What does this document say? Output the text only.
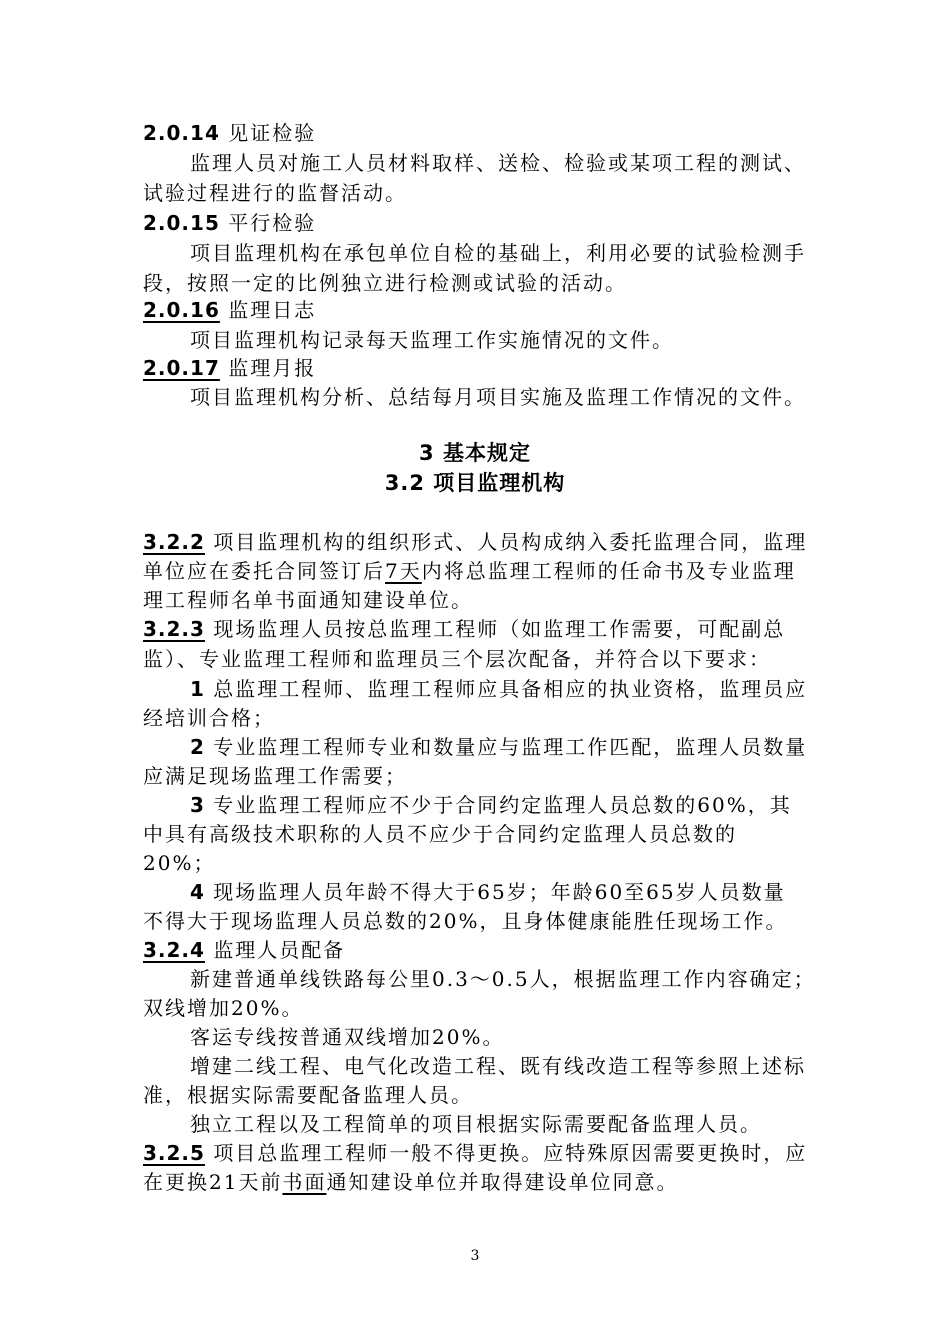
2.0.14 见证检验
监理人员对施工人员材料取样、送检、检验或某项工程的测试、
试验过程进行的监督活动。
2.0.15 平行检验
项目监理机构在承包单位自检的基础上，利用必要的试验检测手
段，按照一定的比例独立进行检测或试验的活动。
2.0.16 监理日志
项目监理机构记录每天监理工作实施情况的文件。
2.0.17 监理月报
项目监理机构分析、总结每月项目实施及监理工作情况的文件。
3 基本规定
3.2 项目监理机构
3.2.2 项目监理机构的组织形式、人员构成纳入委托监理合同，监理
单位应在委托合同签订后7天内将总监理工程师的任命书及专业监理
理工程师名单书面通知建设单位。
3.2.3 现场监理人员按总监理工程师（如监理工作需要，可配副总
监）、专业监理工程师和监理员三个层次配备，并符合以下要求：
1 总监理工程师、监理工程师应具备相应的执业资格，监理员应
经培训合格；
2 专业监理工程师专业和数量应与监理工作匹配，监理人员数量
应满足现场监理工作需要；
3 专业监理工程师应不少于合同约定监理人员总数的60%，其
中具有高级技术职称的人员不应少于合同约定监理人员总数的
20%；
4 现场监理人员年龄不得大于65岁；年龄60至65岁人员数量
不得大于现场监理人员总数的20%，且身体健康能胜任现场工作。
3.2.4 监理人员配备
新建普通单线铁路每公里0.3～0.5人，根据监理工作内容确定；
双线增加20%。
客运专线按普通双线增加20%。
增建二线工程、电气化改造工程、既有线改造工程等参照上述标
准，根据实际需要配备监理人员。
独立工程以及工程简单的项目根据实际需要配备监理人员。
3.2.5 项目总监理工程师一般不得更换。应特殊原因需要更换时，应
在更换21天前书面通知建设单位并取得建设单位同意。
3
